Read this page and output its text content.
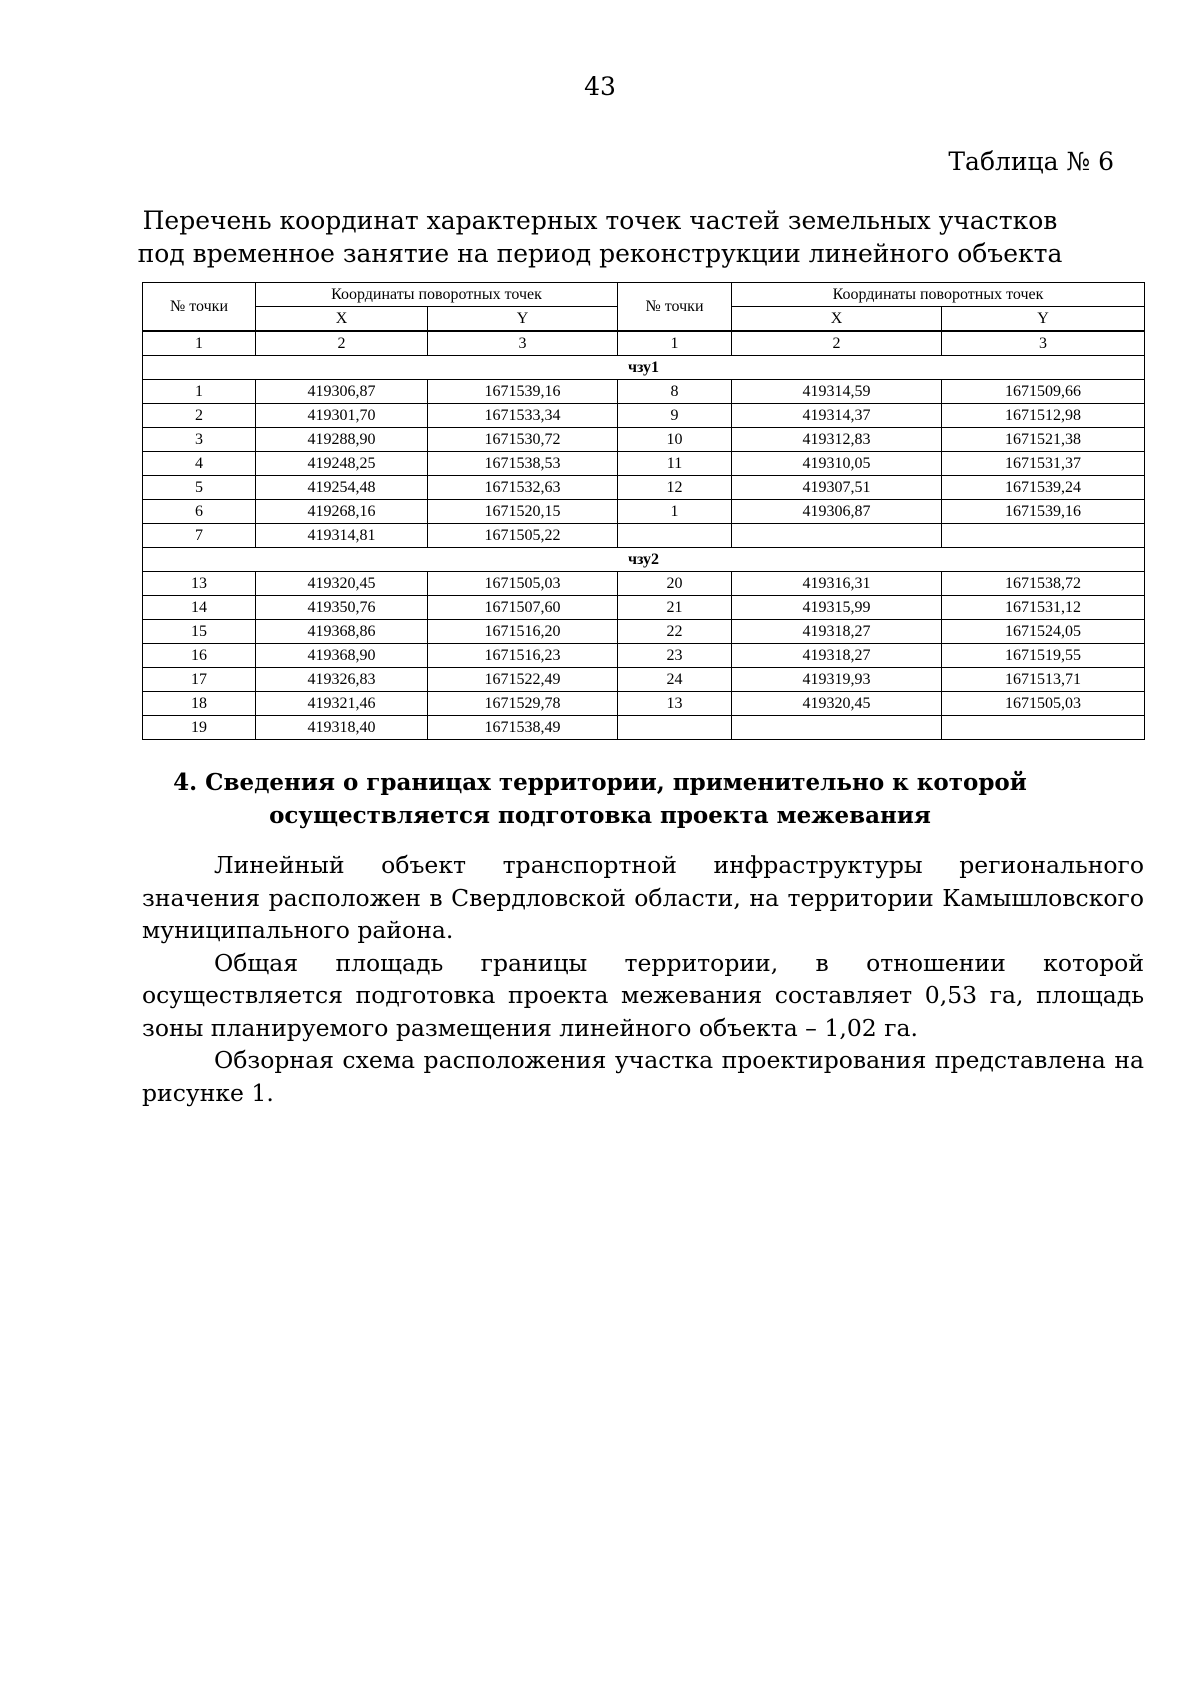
43
Таблица № 6
Перечень координат характерных точек частей земельных участков
под временное занятие на период реконструкции линейного объекта
№ точки	Координаты поворотных точек		№ точки	Координаты поворотных точек	
	X	Y		X	Y
1	2	3	1	2	3
чзу1					
1	419306,87	1671539,16	8	419314,59	1671509,66
2	419301,70	1671533,34	9	419314,37	1671512,98
3	419288,90	1671530,72	10	419312,83	1671521,38
4	419248,25	1671538,53	11	419310,05	1671531,37
5	419254,48	1671532,63	12	419307,51	1671539,24
6	419268,16	1671520,15	1	419306,87	1671539,16
7	419314,81	1671505,22			
чзу2					
13	419320,45	1671505,03	20	419316,31	1671538,72
14	419350,76	1671507,60	21	419315,99	1671531,12
15	419368,86	1671516,20	22	419318,27	1671524,05
16	419368,90	1671516,23	23	419318,27	1671519,55
17	419326,83	1671522,49	24	419319,93	1671513,71
18	419321,46	1671529,78	13	419320,45	1671505,03
19	419318,40	1671538,49			
4. Сведения о границах территории, применительно к которой
осуществляется подготовка проекта межевания

Линейный объект транспортной инфраструктуры регионального значения расположен в Свердловской области, на территории Камышловского муниципального района.

Общая площадь границы территории, в отношении которой осуществляется подготовка проекта межевания составляет 0,53 га, площадь зоны планируемого размещения линейного объекта – 1,02 га.

Обзорная схема расположения участка проектирования представлена на рисунке 1.
